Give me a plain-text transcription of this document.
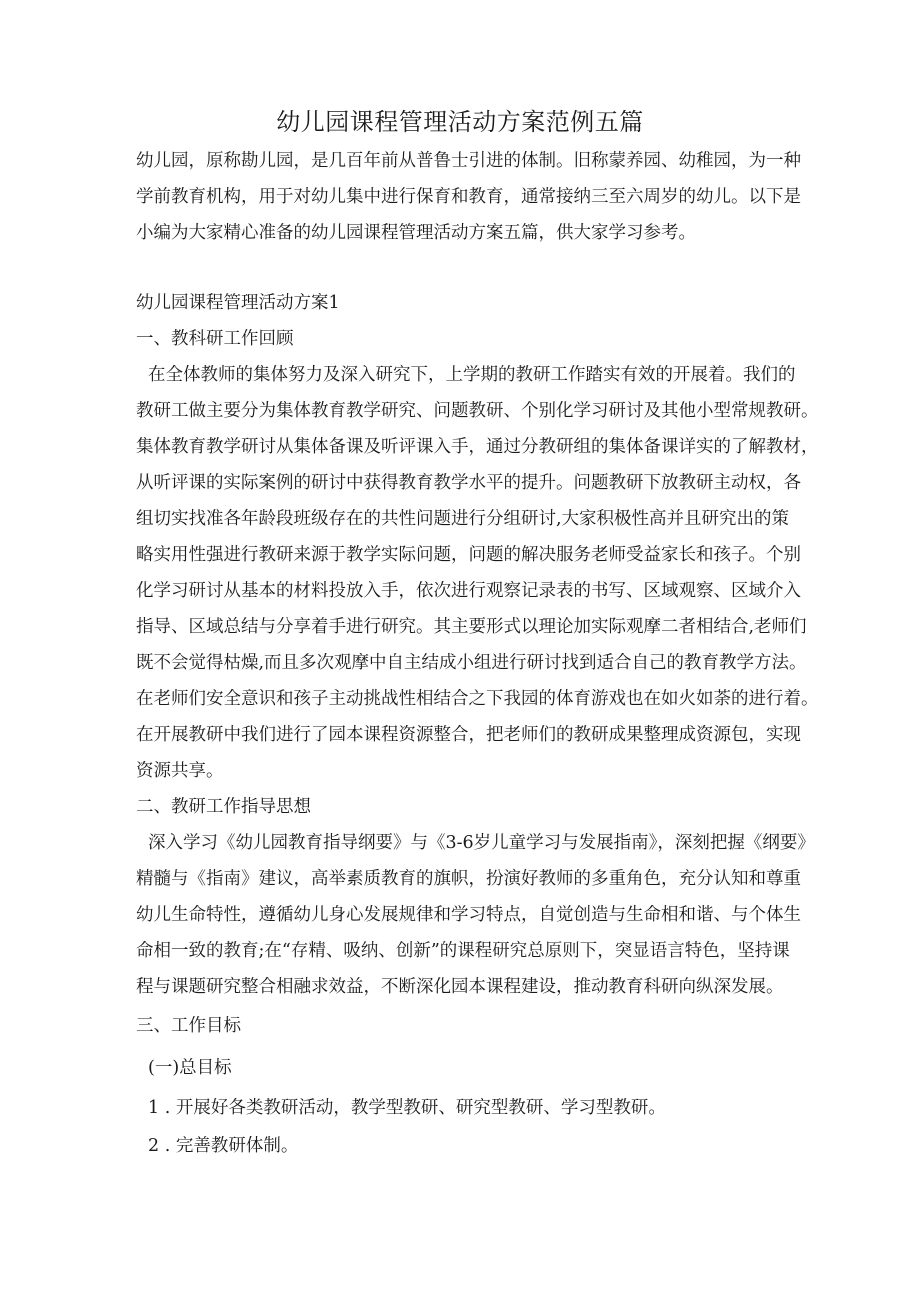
幼儿园课程管理活动方案范例五篇
幼儿园，原称勘儿园，是几百年前从普鲁士引进的体制。旧称蒙养园、幼稚园，为一种
学前教育机构，用于对幼儿集中进行保育和教育，通常接纳三至六周岁的幼儿。以下是
小编为大家精心准备的幼儿园课程管理活动方案五篇，供大家学习参考。
幼儿园课程管理活动方案1
一、教科研工作回顾
在全体教师的集体努力及深入研究下，上学期的教研工作踏实有效的开展着。我们的
教研工做主要分为集体教育教学研究、问题教研、个别化学习研讨及其他小型常规教研。
集体教育教学研讨从集体备课及听评课入手，通过分教研组的集体备课详实的了解教材，
从听评课的实际案例的研讨中获得教育教学水平的提升。问题教研下放教研主动权，各
组切实找准各年龄段班级存在的共性问题进行分组研讨,大家积极性高并且研究出的策
略实用性强进行教研来源于教学实际问题，问题的解决服务老师受益家长和孩子。个别
化学习研讨从基本的材料投放入手，依次进行观察记录表的书写、区域观察、区域介入
指导、区域总结与分享着手进行研究。其主要形式以理论加实际观摩二者相结合,老师们
既不会觉得枯燥,而且多次观摩中自主结成小组进行研讨找到适合自己的教育教学方法。
在老师们安全意识和孩子主动挑战性相结合之下我园的体育游戏也在如火如荼的进行着。
在开展教研中我们进行了园本课程资源整合，把老师们的教研成果整理成资源包，实现
资源共享。
二、教研工作指导思想
深入学习《幼儿园教育指导纲要》与《3-6岁儿童学习与发展指南》，深刻把握《纲要》
精髓与《指南》建议，高举素质教育的旗帜，扮演好教师的多重角色，充分认知和尊重
幼儿生命特性，遵循幼儿身心发展规律和学习特点，自觉创造与生命相和谐、与个体生
命相一致的教育;在“存精、吸纳、创新”的课程研究总原则下，突显语言特色，坚持课
程与课题研究整合相融求效益，不断深化园本课程建设，推动教育科研向纵深发展。
三、工作目标
(一)总目标
1 . 开展好各类教研活动，教学型教研、研究型教研、学习型教研。
2 . 完善教研体制。
